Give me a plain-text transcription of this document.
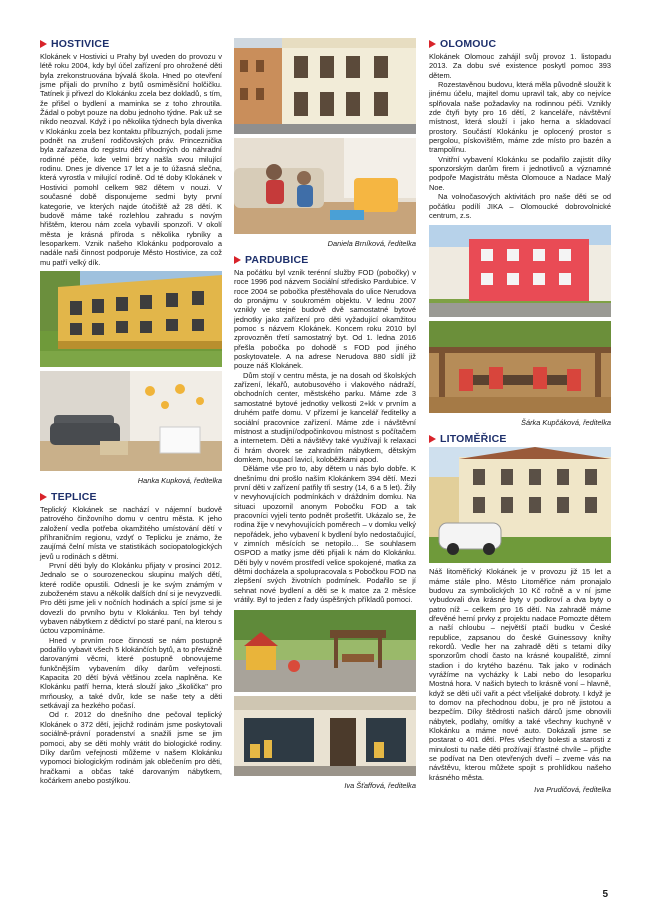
HOSTIVICE

Klokánek v Hostivici u Prahy byl uveden do provozu v létě roku 2004, kdy byl účel zařízení pro ohrožené děti byla zrekonstruována bývalá škola. Hned po otevření jsme přijali do prvního z bytů osmiměsíční holčičku. Tatínek ji přivezl do Klokánku zcela bez dokladů, s tím, že přišel o bydlení a maminka se z toho zhroutila. Žádal o pobyt pouze na dobu jednoho týdne. Pak už se nikdo neozval. Když i po několika týdnech byla divenka v Klokánku zcela bez kontaktu příbuzných, podali jsme podnět na zrušení rodičovských práv. Princeznička byla zařazena do registru dětí vhodných do náhradní rodinné péče, kde velmi brzy našla svou milující rodinu. Dnes je dívence 17 let a je to úžasná slečna, která vyrostla v milující rodině. Od té doby Klokánek v Hostivici pomohl celkem 982 dětem v nouzi. V současné době disponujeme sedmi byty první kategorie, ve kterých najde útočiště až 28 dětí. K budově máme také rozlehlou zahradu s novým hřištěm, kterou nám zcela vybavili sponzoři. V okolí města je krásná příroda s několika rybníky a lesoparkem. Vznik našeho Klokánku podporovalo a nadále naši činnost podporuje Město Hostivice, za což mu patří velký dík.

Hanka Kupková, ředitelka
TEPLICE

Teplický Klokánek se nachází v nájemní budově patrového činžovního domu v centru města. K jeho založení vedla potřeba okamžitého umístování dětí v příhraničním regionu, vzdyť o Teplicku je známo, že zaujímá čelní místa ve statistikách sociopatologických jevů u rodinách s dětmi.

První děti byly do Klokánku přijaty v prosinci 2012. Jednalo se o sourozeneckou skupinu malých dětí, které rodiče opustili. Odnesli je ke svým známým v zuboženém stavu a několik dalších dní si je nevyzvedli. Pro děti jsme jeli v nočních hodinách a spící jsme si je dovezli do prvního bytu v Klokánku. Ten byl tehdy vybaven nábytkem z dědictví po staré paní, na kterou s úctou vzpomínáme.

Hned v prvním roce činnosti se nám postupně podařilo vybavit všech 5 klokánčích bytů, a to převážně darovanými věcmi, které postupně obnovujeme funkčnějším vybavením díky darům veřejnosti. Kapacita 20 dětí bývá většinou zcela naplněna. Ke Klokánku patří herna, která slouží jako „školička" pro mrňousky, a také dvůr, kde se naše tety a děti setkávají za hezkého počasí.

Od r. 2012 do dnešního dne pečoval teplický Klokánek o 372 dětí, jejichž rodinám jsme poskytovali sociálně-právní poradenství a snažili jsme se jim pomoci, aby se děti mohly vrátit do biologické rodiny. Díky darům veřejnosti můžeme v našem Klokánku vypomoci biologickým rodinám jak oblečením pro děti, hračkami a občas také darovaným nábytkem, kočárkem anebo postýlkou.

Daniela Brníková, ředitelka
PARDUBICE

Na počátku byl vznik terénní služby FOD (pobočky) v roce 1996 pod názvem Sociální středisko Pardubice. V roce 2004 se pobočka přestěhovala do ulice Nerudova do pronájmu v soukromém objektu. V lednu 2007 vznikly ve stejné budově dvě samostatné bytové jednotky jako zařízení pro děti vyžadující okamžitou pomoc s názvem Klokánek. Koncem roku 2010 byl zprovozněn třetí samostatný byt. Od 1. ledna 2016 přešla pobočka po dohodě s FOD pod jiného poskytovatele. A na adrese Nerudova 880 sídlí již pouze náš Klokánek.

Dům stojí v centru města, je na dosah od školských zařízení, lékařů, autobusového i vlakového nádraží, obchodních center, městského parku. Máme zde 3 samostatné bytové jednotky velkosti 2+kk v prvním a druhém patře domu. V přízemí je kancelář ředitelky a sociální pracovnice zařízení. Máme zde i návštěvní místnost a studijní/odpočinkovou místnost s počítačem a internetem. Děti a návštěvy také využívají k relaxaci či hrám dvorek se zahradním nábytkem, dětským domkem, houpací lavicí, koloběžkami apod.

Děláme vše pro to, aby dětem u nás bylo dobře. K dnešnímu dni prošlo naším Klokánkem 394 dětí. Mezi první děti v zařízení patřily tři sestry (14, 6 a 5 let). Žily v nevyhovujících podmínkách v dráždním domku. Na situaci upozornil anonym Pobočku FOD a tak pracovníci vyjeli tento podnět prošetřit. Ukázalo se, že rodina žije v nevyhovujících poměrech – v domku velký nepořádek, jeho vybavení k bydlení bylo nedostačující, v zimních měsících se netopilo… Se souhlasem OSPOD a matky jsme děti přijali k nám do Klokánku. Děti byly v novém prostředí velice spokojené, matka za dětmi docházela a spolupracovala s Pobočkou FOD na zlepšení svých životních podmínek. Podařilo se jí sehnat nové bydlení a děti se k matce za 2 měsíce vrátily. Byl to jeden z řady úspěšných příkladů pomoci.

Iva Šťaffová, ředitelka
OLOMOUC

Klokánek Olomouc zahájil svůj provoz 1. listopadu 2013. Za dobu své existence poskytl pomoc 393 dětem.

Rozestavěnou budovu, která měla původně sloužit k jinému účelu, majitel domu upravil tak, aby co nejvíce splňovala naše požadavky na rodinnou péči. Vznikly zde čtyři byty pro 16 dětí, 2 kanceláře, návštěvní místnost, která slouží i jako herna a skladovací prostory. Součástí Klokánku je oplocený prostor s pergolou, pískovištěm, máme zde místo pro bazén a trampolínu.

Vnitřní vybavení Klokánku se podařilo zajistit díky sponzorským darům firem i jednotlivců a významné podpoře Magistrátu města Olomouce a Nadace Malý Noe.

Na volnočasových aktivitách pro naše děti se od počátku podílí JIKA – Olomoucké dobrovolnické centrum, z.s.

Šárka Kupčáková, ředitelka
LITOMĚŘICE

Náš litoměřický Klokánek je v provozu již 15 let a máme stále plno. Město Litoměřice nám pronajalo budovu za symbolických 10 Kč ročně a v ní jsme vybudovali dva krásné byty v podkroví a dva byty o patro níž – celkem pro 16 dětí. Na zahradě máme dřevěné herní prvky z projektu nadace Pomozte dětem a naší chloubu – největší ptačí budku v České republice, zapsanou do české Guinessovy knihy rekordů. Vedle her na zahradě děti s tetami díky sponzorům chodí často na krásné koupaliště, zimní stadion i do krytého bazénu. Tak jako v rodinách vyrážíme na vycházky k Labi nebo do lesoparku Mostná hora. V našich bytech to krásně voní – hlavně, když se děti učí vařit a péct všeliјaké dobroty. I když je to domov na přechodnou dobu, je pro ně jistotou a bezpečím. Díky štědrosti našich dárců jsme obnovili nábytek, podlahy, omítky a také všechny kuchyně v Klokánku a máme nové auto. Dokázali jsme se postarat o 401 dětí. Přes všechny bolesti a starosti z minulosti tu naše děti prožívají šťastné chvíle – přijďte se podívat na Den otevřených dveří – zveme vás na návštěvu, kterou můžete spojit s prohlídkou našeho krásného města.

Iva Prudičová, ředitelka
5
